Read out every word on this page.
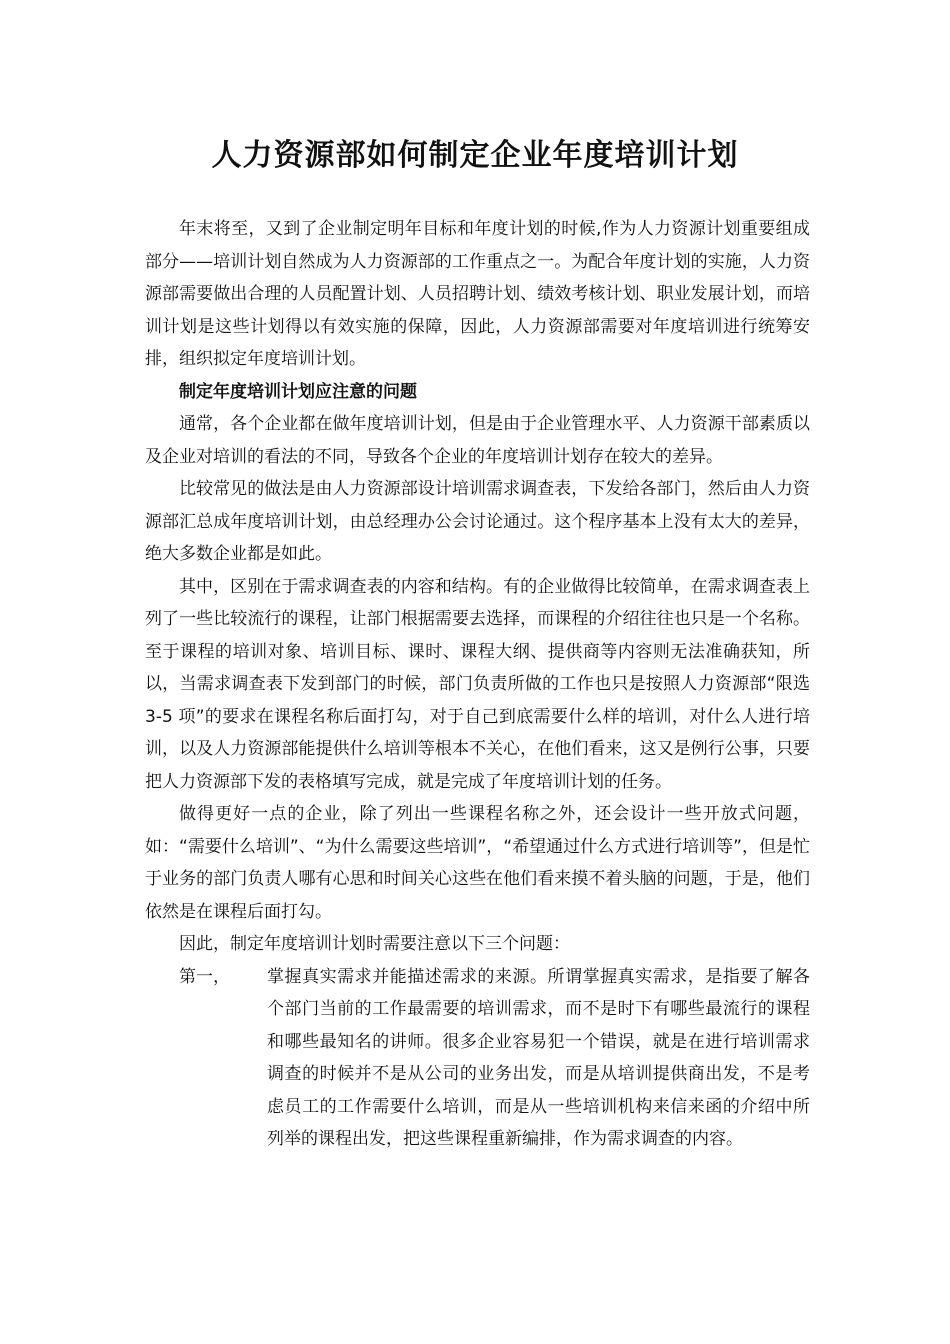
人力资源部如何制定企业年度培训计划

年末将至，又到了企业制定明年目标和年度计划的时候,作为人力资源计划重要组成部分——培训计划自然成为人力资源部的工作重点之一。为配合年度计划的实施，人力资源部需要做出合理的人员配置计划、人员招聘计划、绩效考核计划、职业发展计划，而培训计划是这些计划得以有效实施的保障，因此，人力资源部需要对年度培训进行统筹安排，组织拟定年度培训计划。

制定年度培训计划应注意的问题

通常，各个企业都在做年度培训计划，但是由于企业管理水平、人力资源干部素质以及企业对培训的看法的不同，导致各个企业的年度培训计划存在较大的差异。

比较常见的做法是由人力资源部设计培训需求调查表，下发给各部门，然后由人力资源部汇总成年度培训计划，由总经理办公会讨论通过。这个程序基本上没有太大的差异，绝大多数企业都是如此。

其中，区别在于需求调查表的内容和结构。有的企业做得比较简单，在需求调查表上列了一些比较流行的课程，让部门根据需要去选择，而课程的介绍往往也只是一个名称。至于课程的培训对象、培训目标、课时、课程大纲、提供商等内容则无法准确获知，所以，当需求调查表下发到部门的时候，部门负责所做的工作也只是按照人力资源部“限选 3-5 项”的要求在课程名称后面打勾，对于自己到底需要什么样的培训，对什么人进行培训，以及人力资源部能提供什么培训等根本不关心，在他们看来，这又是例行公事，只要把人力资源部下发的表格填写完成，就是完成了年度培训计划的任务。

做得更好一点的企业，除了列出一些课程名称之外，还会设计一些开放式问题，如：“需要什么培训”、“为什么需要这些培训”，“希望通过什么方式进行培训等”，但是忙于业务的部门负责人哪有心思和时间关心这些在他们看来摸不着头脑的问题，于是，他们依然是在课程后面打勾。

因此，制定年度培训计划时需要注意以下三个问题：

第一，	掌握真实需求并能描述需求的来源。所谓掌握真实需求，是指要了解各个部门当前的工作最需要的培训需求，而不是时下有哪些最流行的课程和哪些最知名的讲师。很多企业容易犯一个错误，就是在进行培训需求调查的时候并不是从公司的业务出发，而是从培训提供商出发，不是考虑员工的工作需要什么培训，而是从一些培训机构来信来函的介绍中所列举的课程出发，把这些课程重新编排，作为需求调查的内容。
